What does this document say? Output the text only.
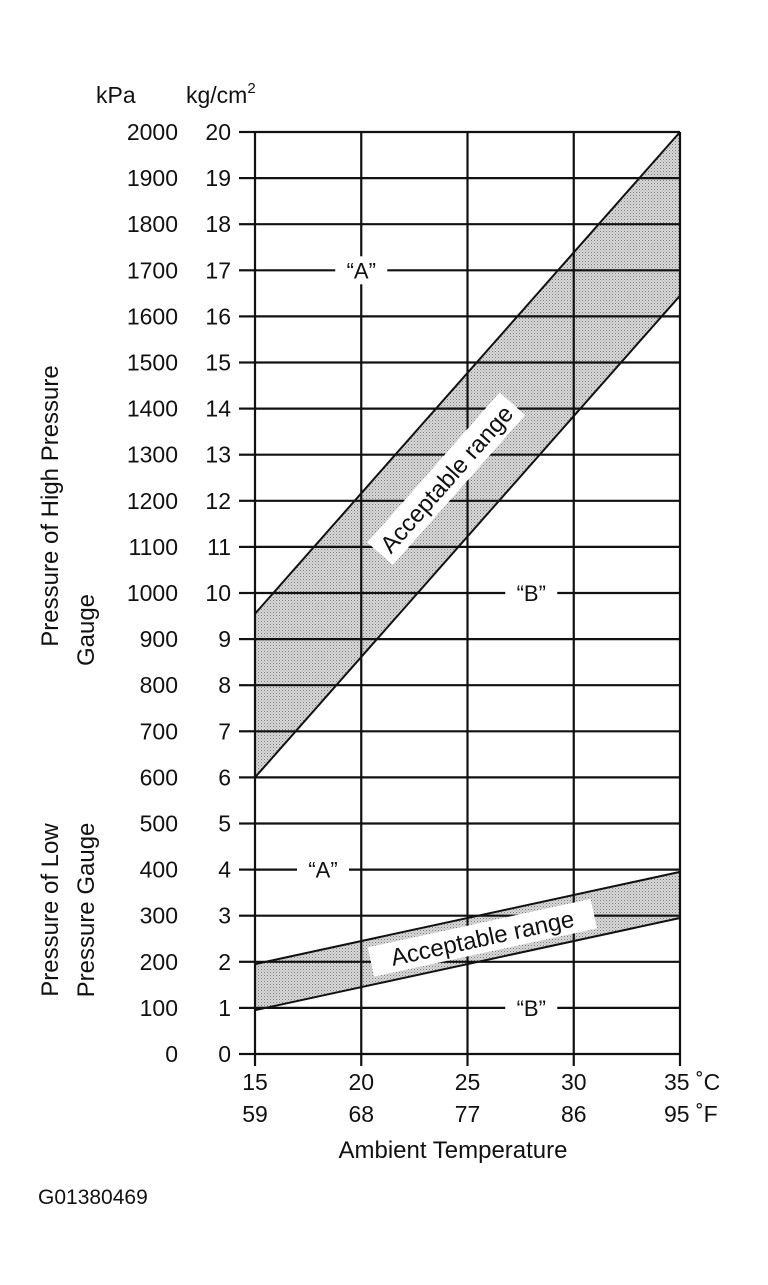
kPa $kg/cm^2$
Pressure of High Pressure Gauge
Pressure of Low Pressure Gauge
2000 20
1900 19
1800 18
1700 17
1600 16
1500 15
1400 14
1300 13
1200 12
1100 11
1000 10
900 9
800 8
700 7
600 6
500 5
400 4
300 3
200 2
100 1
0 0
15
59
20
68
25
77
30
86
35 ˚C
95 ˚F
“A”
“B”
“A”
“B”
Acceptable range
Acceptable range
Ambient Temperature
G01380469
